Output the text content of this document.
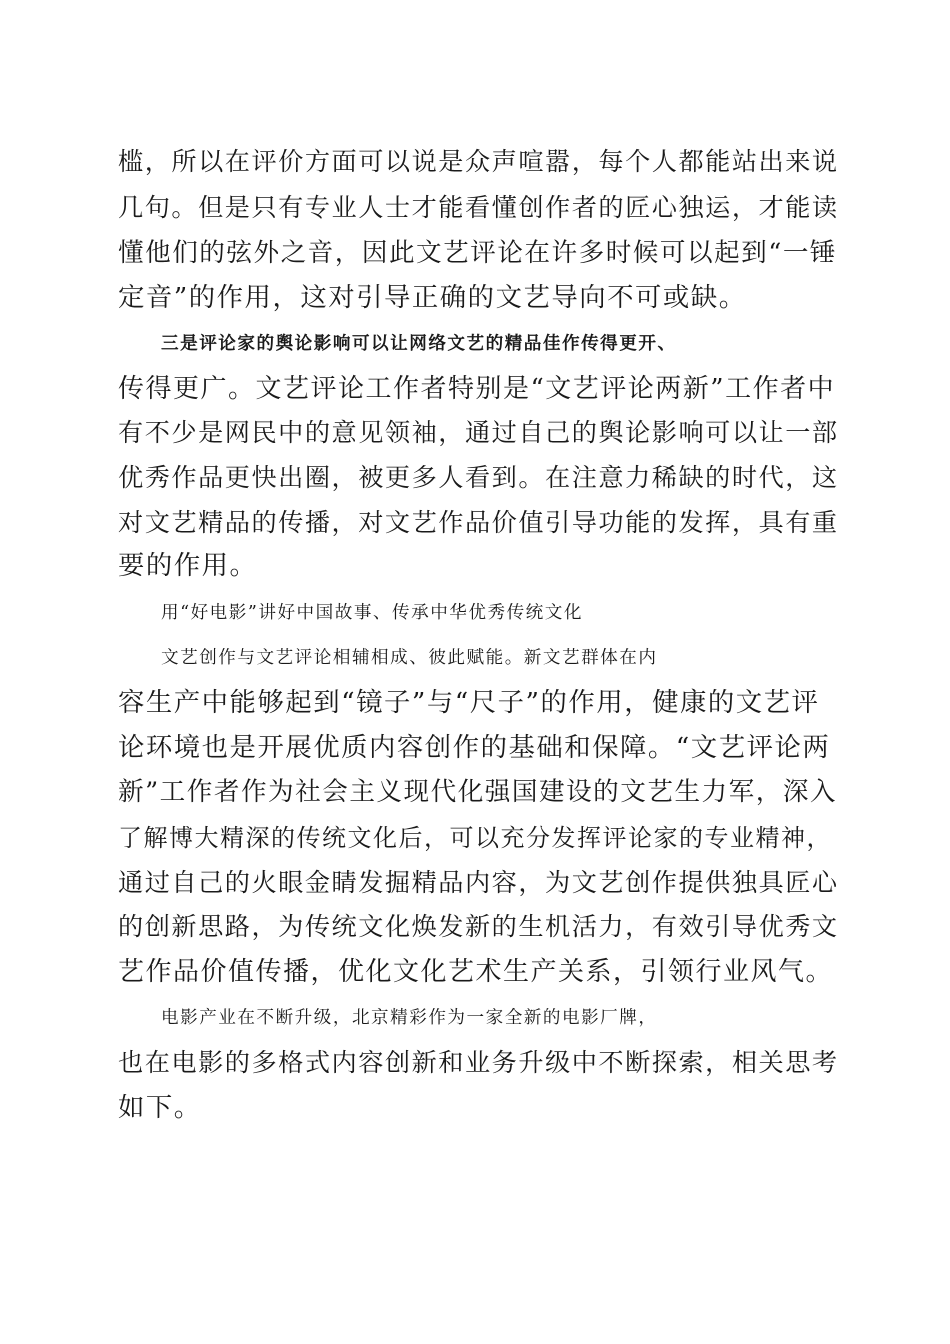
槛，所以在评价方面可以说是众声喧嚣，每个人都能站出来说
几句。但是只有专业人士才能看懂创作者的匠心独运，才能读
懂他们的弦外之音，因此文艺评论在许多时候可以起到“一锤
定音”的作用，这对引导正确的文艺导向不可或缺。
三是评论家的舆论影响可以让网络文艺的精品佳作传得更开、
传得更广。文艺评论工作者特别是“文艺评论两新”工作者中
有不少是网民中的意见领袖，通过自己的舆论影响可以让一部
优秀作品更快出圈，被更多人看到。在注意力稀缺的时代，这
对文艺精品的传播，对文艺作品价值引导功能的发挥，具有重
要的作用。
用“好电影”讲好中国故事、传承中华优秀传统文化
文艺创作与文艺评论相辅相成、彼此赋能。新文艺群体在内
容生产中能够起到“镜子”与“尺子”的作用，健康的文艺评
论环境也是开展优质内容创作的基础和保障。“文艺评论两
新”工作者作为社会主义现代化强国建设的文艺生力军，深入
了解博大精深的传统文化后，可以充分发挥评论家的专业精神，
通过自己的火眼金睛发掘精品内容，为文艺创作提供独具匠心
的创新思路，为传统文化焕发新的生机活力，有效引导优秀文
艺作品价值传播，优化文化艺术生产关系，引领行业风气。
电影产业在不断升级，北京精彩作为一家全新的电影厂牌，
也在电影的多格式内容创新和业务升级中不断探索，相关思考
如下。
